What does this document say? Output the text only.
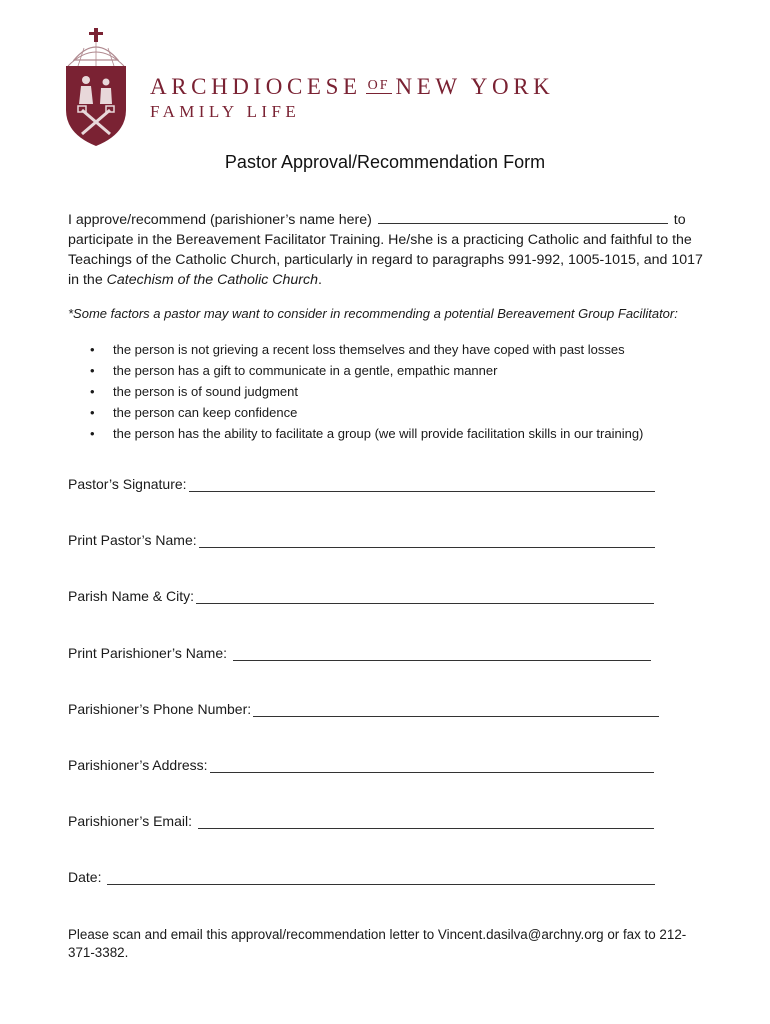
ARCHDIOCESE $^{OF}$ NEW YORK
FAMILY LIFE
Pastor Approval/Recommendation Form
I approve/recommend (parishioner’s name here)	to participate in the Bereavement Facilitator Training. He/she is a practicing Catholic and faithful to the Teachings of the Catholic Church, particularly in regard to paragraphs 991-992, 1005-1015, and 1017 in the Catechism of the Catholic Church.
*Some factors a pastor may want to consider in recommending a potential Bereavement Group Facilitator:
• the person is not grieving a recent loss themselves and they have coped with past losses
• the person has a gift to communicate in a gentle, empathic manner
• the person is of sound judgment
• the person can keep confidence
• the person has the ability to facilitate a group (we will provide facilitation skills in our training)
Pastor’s Signature:
Print Pastor’s Name:
Parish Name & City:
Print Parishioner’s Name:
Parishioner’s Phone Number:
Parishioner’s Address:
Parishioner’s Email:
Date:
Please scan and email this approval/recommendation letter to Vincent.dasilva@archny.org or fax to 212-371-3382.
